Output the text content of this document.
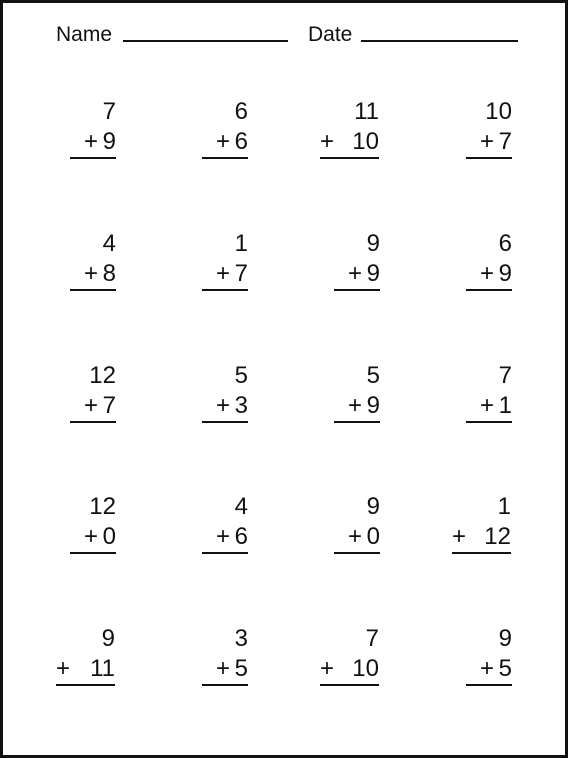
Name	Date
7
+ 9
6
+ 6
11
+ 10
10
+ 7
4
+ 8
1
+ 7
9
+ 9
6
+ 9
12
+ 7
5
+ 3
5
+ 9
7
+ 1
12
+ 0
4
+ 6
9
+ 0
1
+ 12
9
+ 11
3
+ 5
7
+ 10
9
+ 5
